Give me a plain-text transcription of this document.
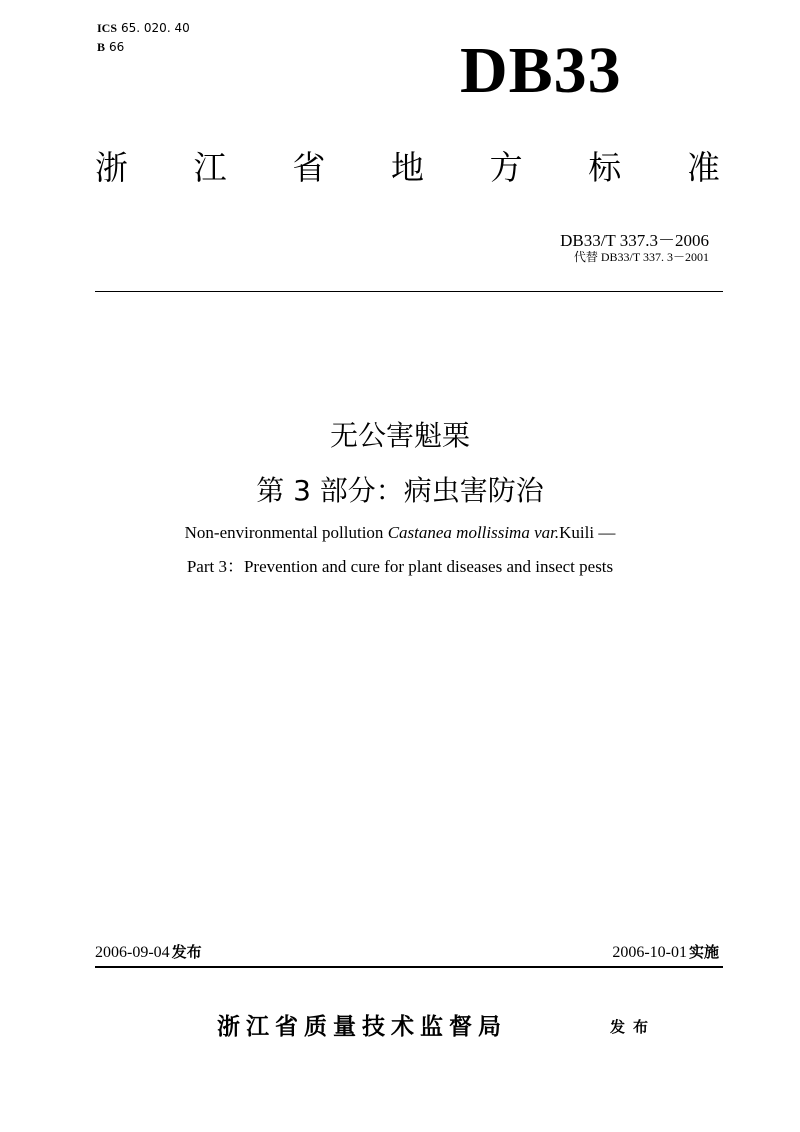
ICS 65. 020. 40
B 66	DB33
浙 江 省 地 方 标 准
DB33/T 337.3－2006
代替 DB33/T 337. 3－2001
无公害魁栗
第 3 部分：病虫害防治
Non-environmental pollution Castanea mollissima var.Kuili —
Part 3：Prevention and cure for plant diseases and insect pests
2006-09-04 发布	2006-10-01 实施
浙江省质量技术监督局	发布
